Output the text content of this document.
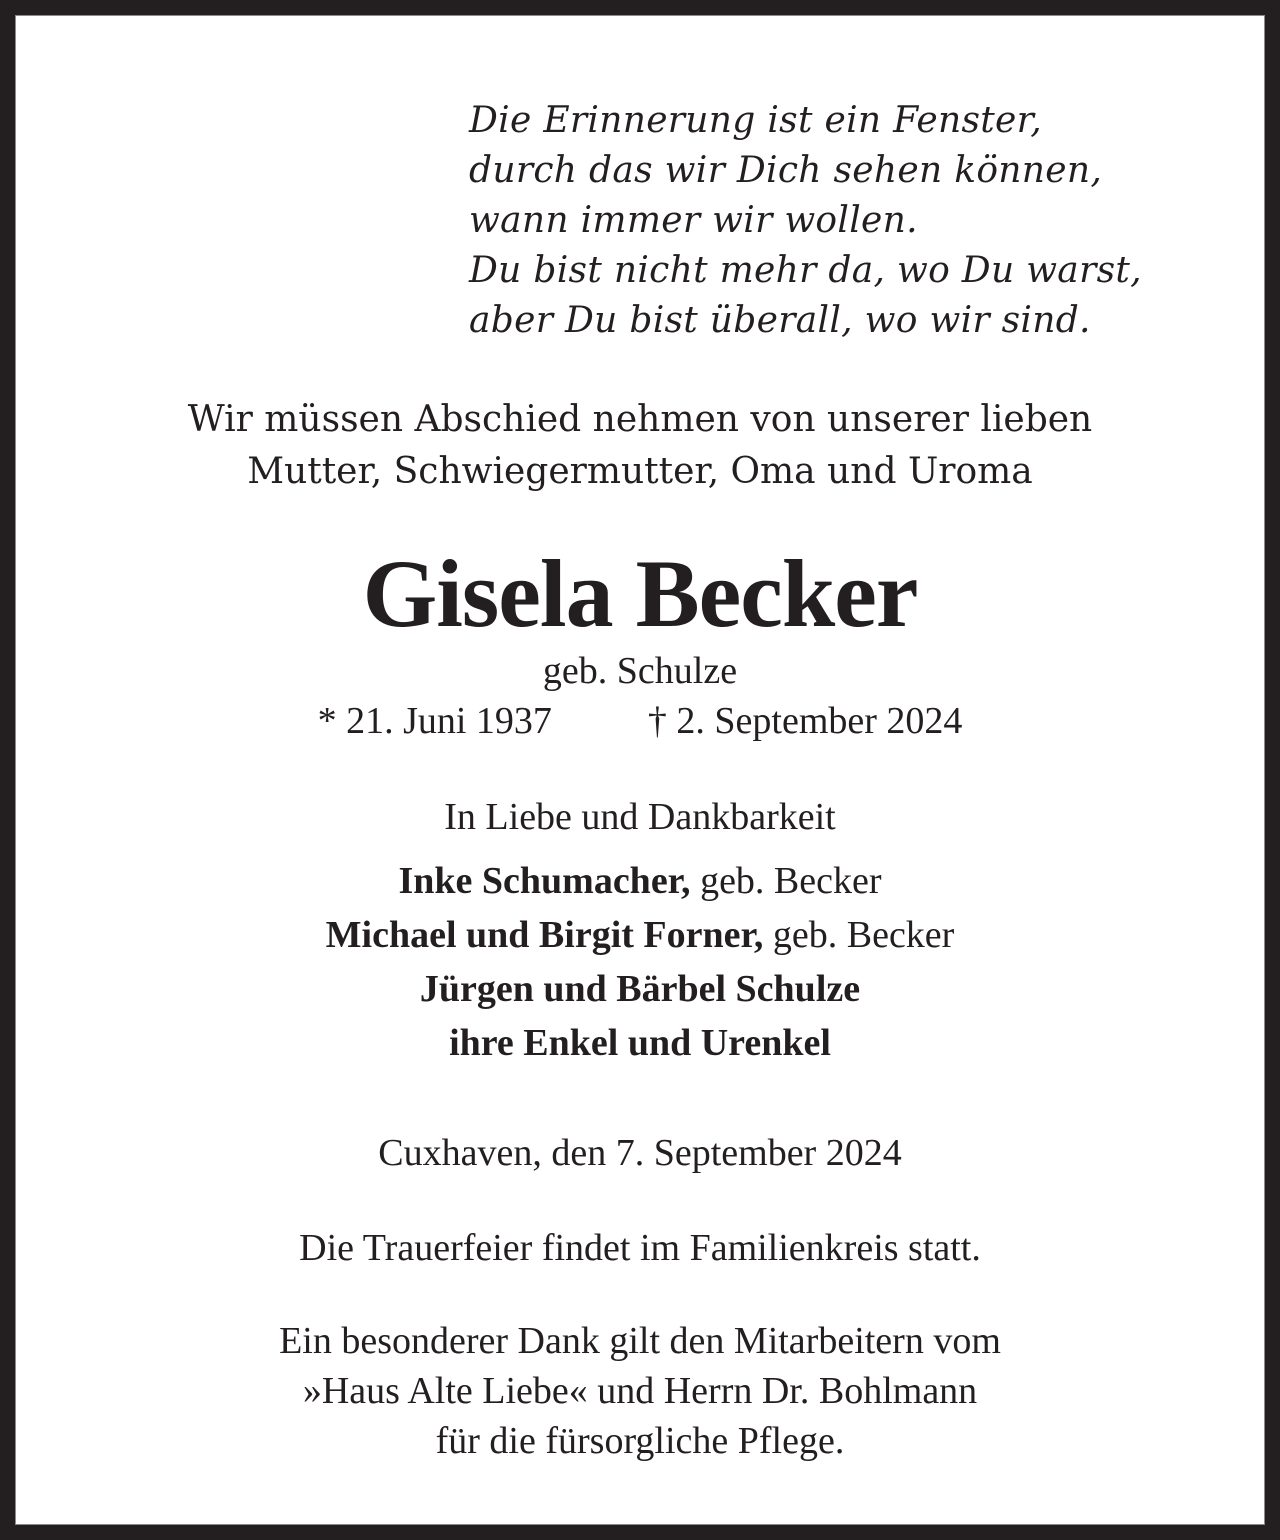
Die Erinnerung ist ein Fenster,
durch das wir Dich sehen können,
wann immer wir wollen.
Du bist nicht mehr da, wo Du warst,
aber Du bist überall, wo wir sind.
Wir müssen Abschied nehmen von unserer lieben
Mutter, Schwiegermutter, Oma und Uroma
Gisela Becker
geb. Schulze
* 21. Juni 1937	† 2. September 2024
In Liebe und Dankbarkeit
Inke Schumacher, geb. Becker
Michael und Birgit Forner, geb. Becker
Jürgen und Bärbel Schulze
ihre Enkel und Urenkel
Cuxhaven, den 7. September 2024
Die Trauerfeier findet im Familienkreis statt.
Ein besonderer Dank gilt den Mitarbeitern vom
»Haus Alte Liebe« und Herrn Dr. Bohlmann
für die fürsorgliche Pflege.
